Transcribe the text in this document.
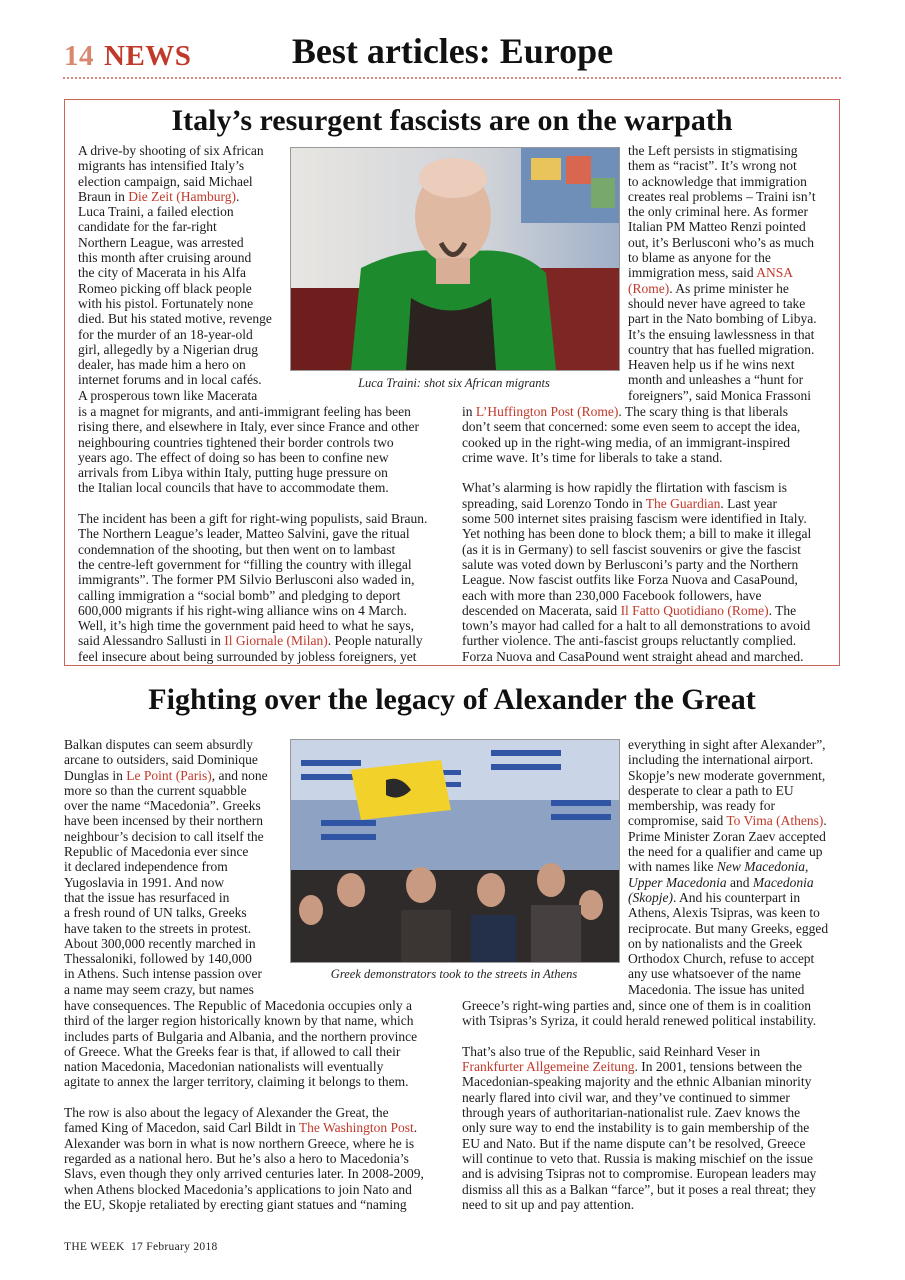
14 NEWS	Best articles: Europe
Italy’s resurgent fascists are on the warpath
Luca Traini: shot six African migrants
A drive-by shooting of six African
migrants has intensified Italy’s
election campaign, said Michael
Braun in Die Zeit (Hamburg).
Luca Traini, a failed election
candidate for the far-right
Northern League, was arrested
this month after cruising around
the city of Macerata in his Alfa
Romeo picking off black people
with his pistol. Fortunately none
died. But his stated motive, revenge
for the murder of an 18-year-old
girl, allegedly by a Nigerian drug
dealer, has made him a hero on
internet forums and in local cafés.
A prosperous town like Macerata

is a magnet for migrants, and anti-immigrant feeling has been
rising there, and elsewhere in Italy, ever since France and other
neighbouring countries tightened their border controls two
years ago. The effect of doing so has been to confine new
arrivals from Libya within Italy, putting huge pressure on
the Italian local councils that have to accommodate them.

The incident has been a gift for right-wing populists, said Braun.
The Northern League’s leader, Matteo Salvini, gave the ritual
condemnation of the shooting, but then went on to lambast
the centre-left government for “filling the country with illegal
immigrants”. The former PM Silvio Berlusconi also waded in,
calling immigration a “social bomb” and pledging to deport
600,000 migrants if his right-wing alliance wins on 4 March.
Well, it’s high time the government paid heed to what he says,
said Alessandro Sallusti in Il Giornale (Milan). People naturally
feel insecure about being surrounded by jobless foreigners, yet

the Left persists in stigmatising
them as “racist”. It’s wrong not
to acknowledge that immigration
creates real problems – Traini isn’t
the only criminal here. As former
Italian PM Matteo Renzi pointed
out, it’s Berlusconi who’s as much
to blame as anyone for the
immigration mess, said ANSA
(Rome). As prime minister he
should never have agreed to take
part in the Nato bombing of Libya.
It’s the ensuing lawlessness in that
country that has fuelled migration.
Heaven help us if he wins next
month and unleashes a “hunt for
foreigners”, said Monica Frassoni

in L’Huffington Post (Rome). The scary thing is that liberals
don’t seem that concerned: some even seem to accept the idea,
cooked up in the right-wing media, of an immigrant-inspired
crime wave. It’s time for liberals to take a stand.

What’s alarming is how rapidly the flirtation with fascism is
spreading, said Lorenzo Tondo in The Guardian. Last year
some 500 internet sites praising fascism were identified in Italy.
Yet nothing has been done to block them; a bill to make it illegal
(as it is in Germany) to sell fascist souvenirs or give the fascist
salute was voted down by Berlusconi’s party and the Northern
League. Now fascist outfits like Forza Nuova and CasaPound,
each with more than 230,000 Facebook followers, have
descended on Macerata, said Il Fatto Quotidiano (Rome). The
town’s mayor had called for a halt to all demonstrations to avoid
further violence. The anti-fascist groups reluctantly complied.
Forza Nuova and CasaPound went straight ahead and marched.

Fighting over the legacy of Alexander the Great
Greek demonstrators took to the streets in Athens
Balkan disputes can seem absurdly
arcane to outsiders, said Dominique
Dunglas in Le Point (Paris), and none
more so than the current squabble
over the name “Macedonia”. Greeks
have been incensed by their northern
neighbour’s decision to call itself the
Republic of Macedonia ever since
it declared independence from
Yugoslavia in 1991. And now
that the issue has resurfaced in
a fresh round of UN talks, Greeks
have taken to the streets in protest.
About 300,000 recently marched in
Thessaloniki, followed by 140,000
in Athens. Such intense passion over
a name may seem crazy, but names

have consequences. The Republic of Macedonia occupies only a
third of the larger region historically known by that name, which
includes parts of Bulgaria and Albania, and the northern province
of Greece. What the Greeks fear is that, if allowed to call their
nation Macedonia, Macedonian nationalists will eventually
agitate to annex the larger territory, claiming it belongs to them.

The row is also about the legacy of Alexander the Great, the
famed King of Macedon, said Carl Bildt in The Washington Post.
Alexander was born in what is now northern Greece, where he is
regarded as a national hero. But he’s also a hero to Macedonia’s
Slavs, even though they only arrived centuries later. In 2008-2009,
when Athens blocked Macedonia’s applications to join Nato and
the EU, Skopje retaliated by erecting giant statues and “naming

everything in sight after Alexander”,
including the international airport.
Skopje’s new moderate government,
desperate to clear a path to EU
membership, was ready for
compromise, said To Vima (Athens).
Prime Minister Zoran Zaev accepted
the need for a qualifier and came up
with names like New Macedonia,
Upper Macedonia and Macedonia
(Skopje). And his counterpart in
Athens, Alexis Tsipras, was keen to
reciprocate. But many Greeks, egged
on by nationalists and the Greek
Orthodox Church, refuse to accept
any use whatsoever of the name
Macedonia. The issue has united

Greece’s right-wing parties and, since one of them is in coalition
with Tsipras’s Syriza, it could herald renewed political instability.

That’s also true of the Republic, said Reinhard Veser in
Frankfurter Allgemeine Zeitung. In 2001, tensions between the
Macedonian-speaking majority and the ethnic Albanian minority
nearly flared into civil war, and they’ve continued to simmer
through years of authoritarian-nationalist rule. Zaev knows the
only sure way to end the instability is to gain membership of the
EU and Nato. But if the name dispute can’t be resolved, Greece
will continue to veto that. Russia is making mischief on the issue
and is advising Tsipras not to compromise. European leaders may
dismiss all this as a Balkan “farce”, but it poses a real threat; they
need to sit up and pay attention.

THE WEEK  17 February 2018
